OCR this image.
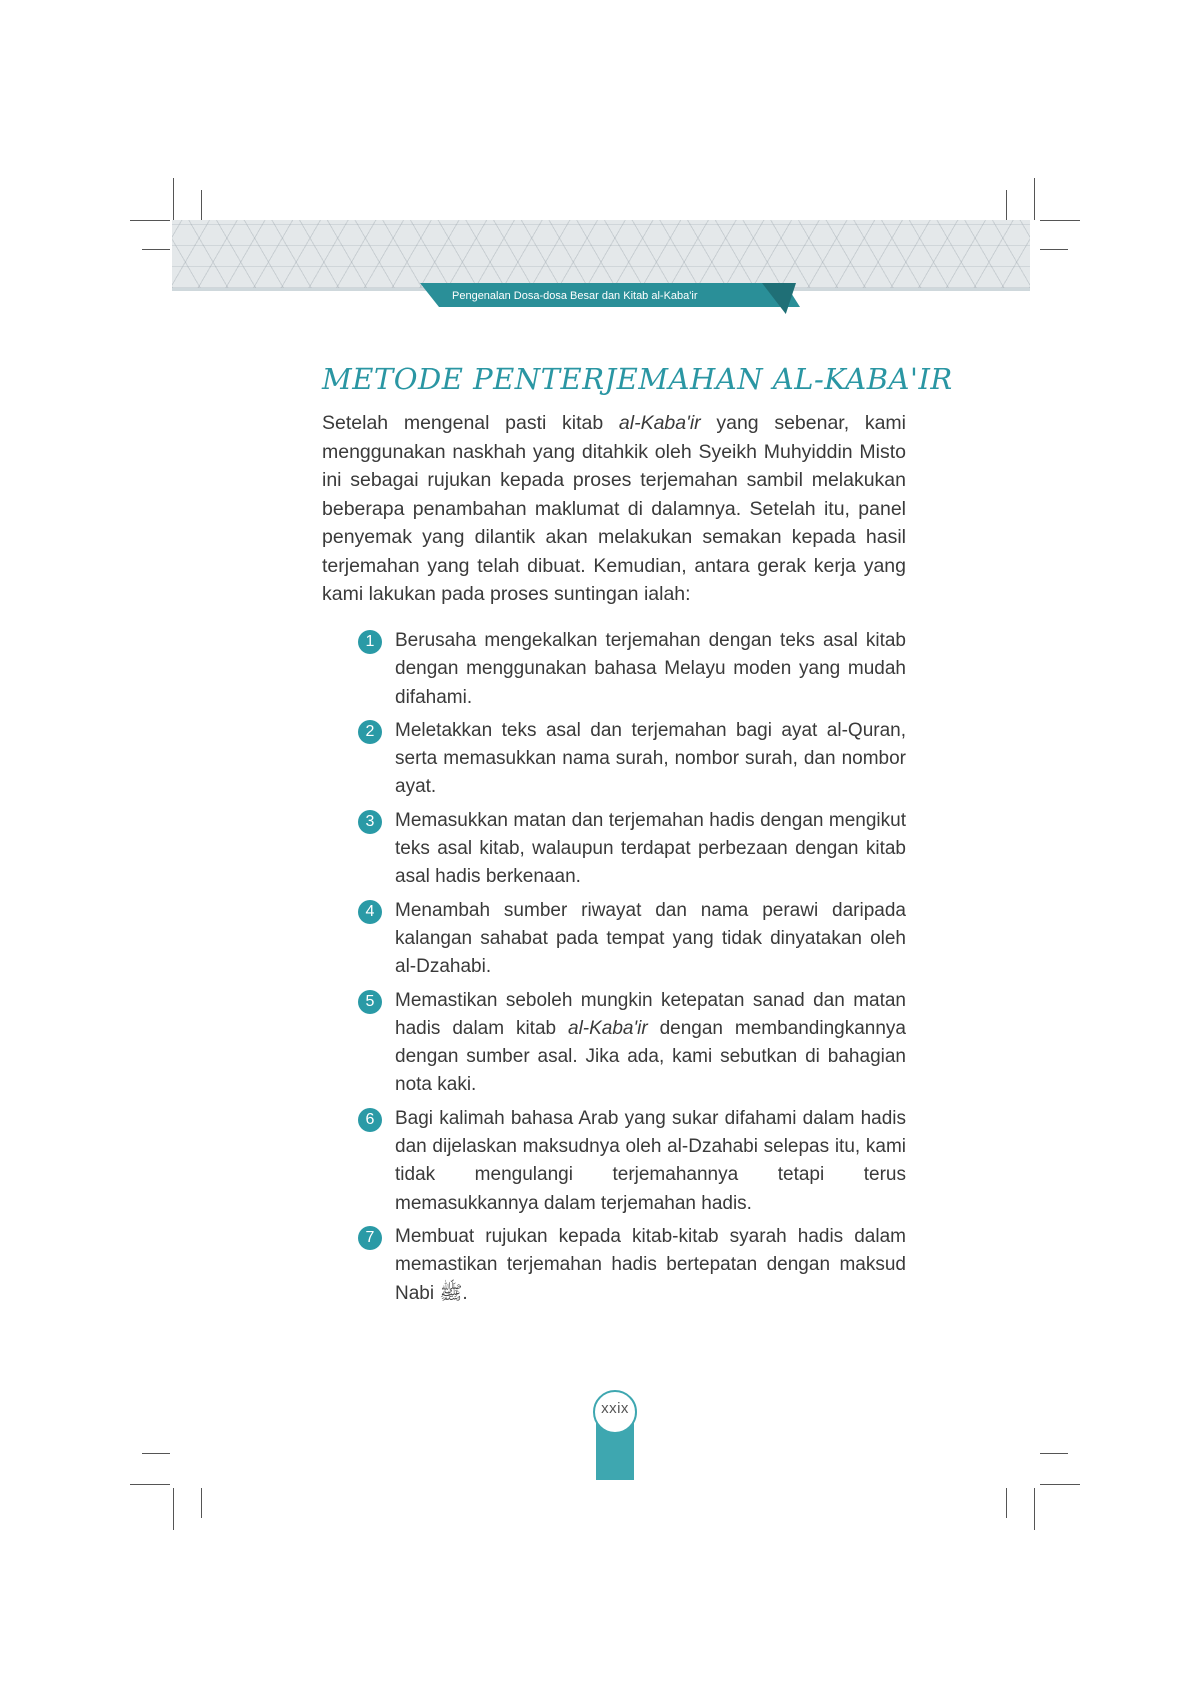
Pengenalan Dosa-dosa Besar dan Kitab al-Kaba'ir
METODE PENTERJEMAHAN AL-KABA'IR

Setelah mengenal pasti kitab al-Kaba'ir yang sebenar, kami menggunakan naskhah yang ditahkik oleh Syeikh Muhyiddin Misto ini sebagai rujukan kepada proses terjemahan sambil melakukan beberapa penambahan maklumat di dalamnya. Setelah itu, panel penyemak yang dilantik akan melakukan semakan kepada hasil terjemahan yang telah dibuat. Kemudian, antara gerak kerja yang kami lakukan pada proses suntingan ialah:

1	Berusaha mengekalkan terjemahan dengan teks asal kitab dengan menggunakan bahasa Melayu moden yang mudah difahami.
2	Meletakkan teks asal dan terjemahan bagi ayat al-Quran, serta memasukkan nama surah, nombor surah, dan nombor ayat.
3	Memasukkan matan dan terjemahan hadis dengan mengikut teks asal kitab, walaupun terdapat perbezaan dengan kitab asal hadis berkenaan.
4	Menambah sumber riwayat dan nama perawi daripada kalangan sahabat pada tempat yang tidak dinyatakan oleh al-Dzahabi.
5	Memastikan seboleh mungkin ketepatan sanad dan matan hadis dalam kitab al-Kaba'ir dengan membandingkannya dengan sumber asal. Jika ada, kami sebutkan di bahagian nota kaki.
6	Bagi kalimah bahasa Arab yang sukar difahami dalam hadis dan dijelaskan maksudnya oleh al-Dzahabi selepas itu, kami tidak mengulangi terjemahannya tetapi terus memasukkannya dalam terjemahan hadis.
7	Membuat rujukan kepada kitab-kitab syarah hadis dalam memastikan terjemahan hadis bertepatan dengan maksud Nabi ﷺ.
xxix
